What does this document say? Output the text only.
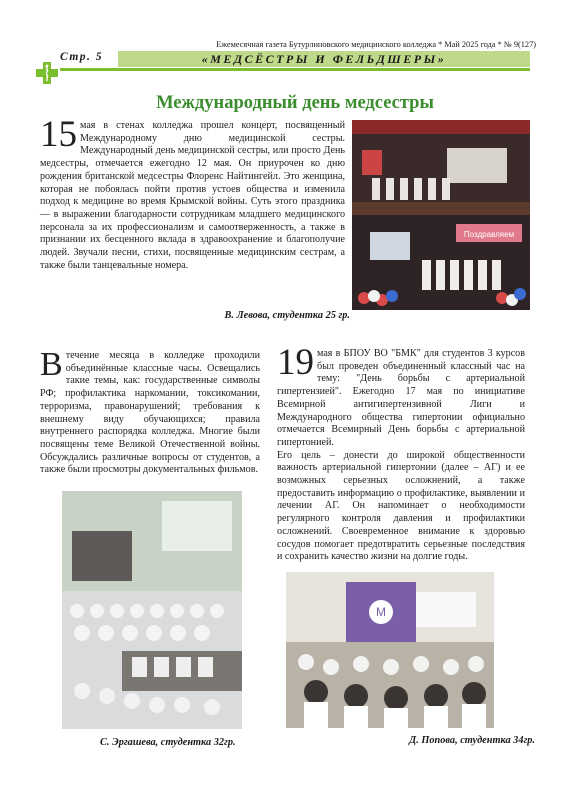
Ежемесячная газета Бутурлиновского медицинского колледжа * Май 2025 года * № 9(127)
Стр. 5	«МЕДСЁСТРЫ И ФЕЛЬДШЕРЫ»
Международный день медсестры
15 мая в стенах колледжа прошел концерт, посвященный Международному дню медицинской сестры. Международный день медицинской сестры, или просто День медсестры, отмечается ежегодно 12 мая. Он приурочен ко дню рождения британской медсестры Флоренс Найтингейл. Это женщина, которая не побоялась пойти против устоев общества и изменила подход к медицине во время Крымской войны. Суть этого праздника — в выражении благодарности сотрудникам младшего медицинского персонала за их профессионализм и самоотверженность, а также в признании их бесценного вклада в здравоохранение и благополучие людей. Звучали песни, стихи, посвященные медицинским сестрам, а также были танцевальные номера.
В. Левова, студентка 25 гр.
Поздравляем
В течение месяца в колледже проходили объединённые классные часы. Освещались такие темы, как: государственные символы РФ; профилактика наркомании, токсикомании, терроризма, правонарушений; требования к внешнему виду обучающихся; правила внутреннего распорядка колледжа. Многие были посвящены теме Великой Отечественной войны. Обсуждались различные вопросы от студентов, а также были просмотры документальных фильмов.
19 мая в БПОУ ВО "БМК" для студентов 3 курсов был проведен объединенный классный час на тему: "День борьбы с артериальной гипертензией". Ежегодно 17 мая по инициативе Всемирной антигипертензивной Лиги и Международного общества гипертонии официально отмечается Всемирный День борьбы с артериальной гипертонией.
Его цель – донести до широкой общественности важность артериальной гипертонии (далее – АГ) и ее возможных серьезных осложнений, а также предоставить информацию о профилактике, выявлении и лечении АГ. Он напоминает о необходимости регулярного контроля давления и профилактики осложнений. Своевременное внимание к здоровью сосудов помогает предотвратить серьезные последствия и сохранить качество жизни на долгие годы.
М
С. Эргашева, студентка 32гр.	Д. Попова, студентка 34гр.
